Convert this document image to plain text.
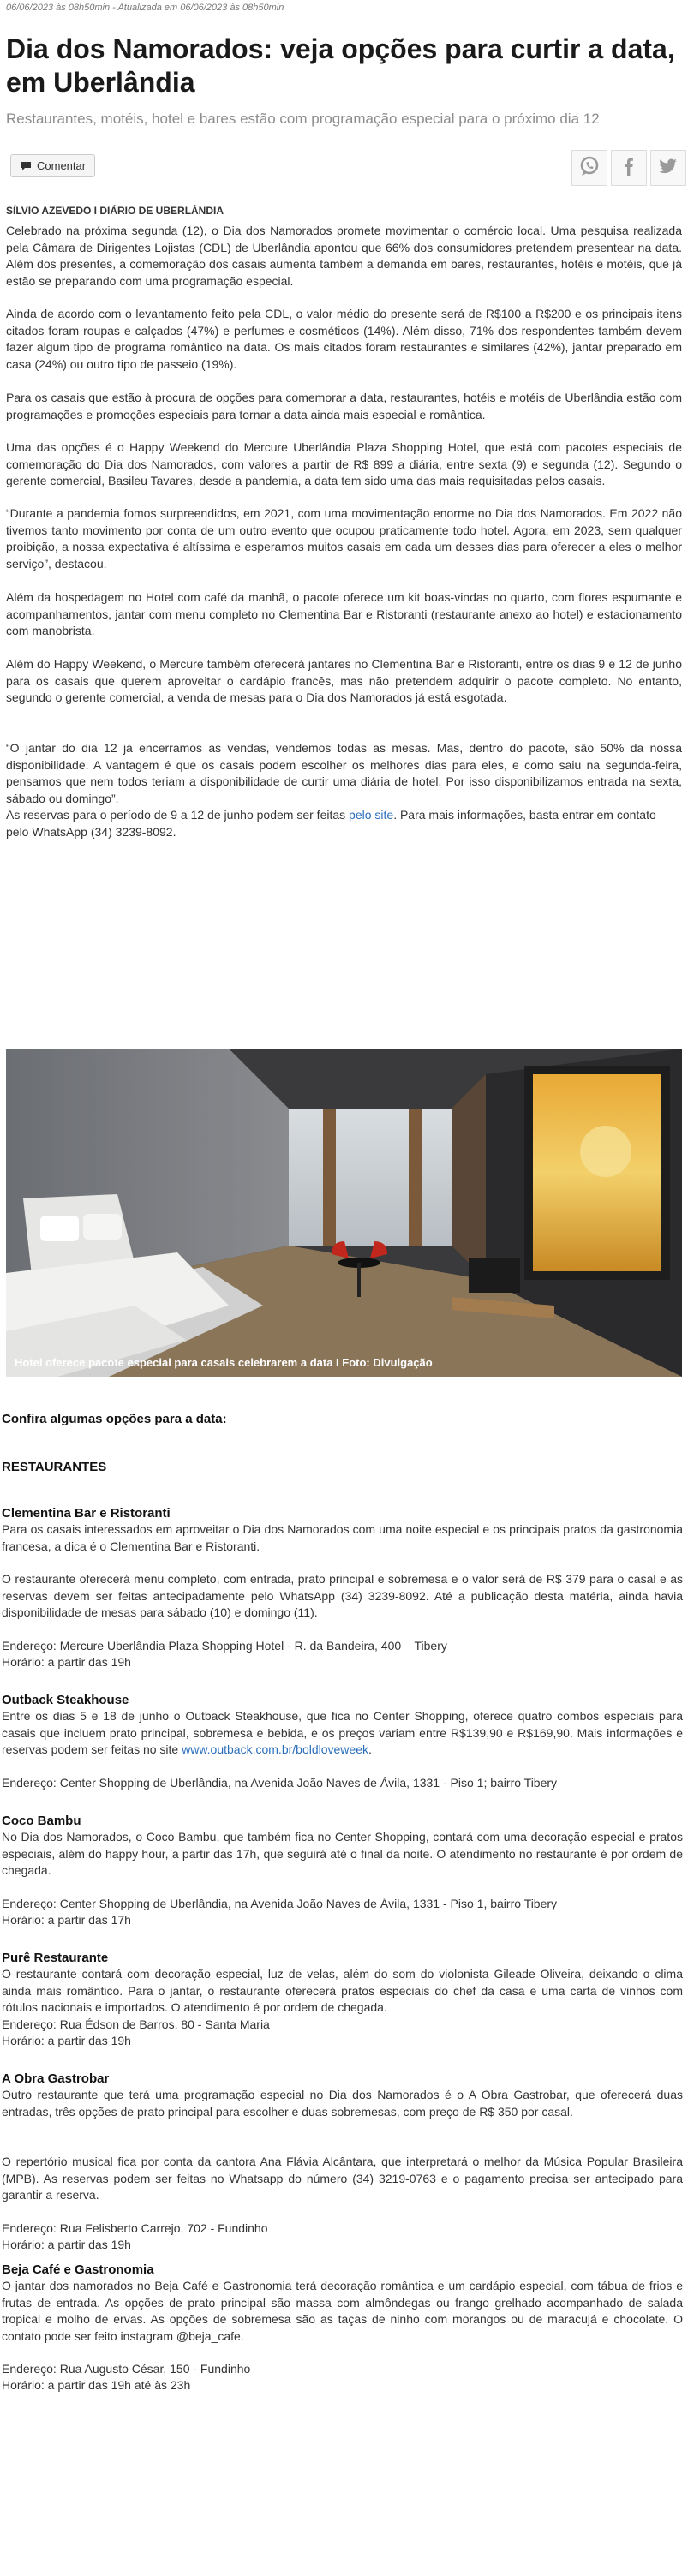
06/06/2023 às 08h50min - Atualizada em 06/06/2023 às 08h50min
Dia dos Namorados: veja opções para curtir a data, em Uberlândia

Restaurantes, motéis, hotel e bares estão com programação especial para o próximo dia 12

Comentar
SÍLVIO AZEVEDO I DIÁRIO DE UBERLÂNDIA

Celebrado na próxima segunda (12), o Dia dos Namorados promete movimentar o comércio local. Uma pesquisa realizada pela Câmara de Dirigentes Lojistas (CDL) de Uberlândia apontou que 66% dos consumidores pretendem presentear na data. Além dos presentes, a comemoração dos casais aumenta também a demanda em bares, restaurantes, hotéis e motéis, que já estão se preparando com uma programação especial.

Ainda de acordo com o levantamento feito pela CDL, o valor médio do presente será de R$100 a R$200 e os principais itens citados foram roupas e calçados (47%) e perfumes e cosméticos (14%). Além disso, 71% dos respondentes também devem fazer algum tipo de programa romântico na data. Os mais citados foram restaurantes e similares (42%), jantar preparado em casa (24%) ou outro tipo de passeio (19%).

Para os casais que estão à procura de opções para comemorar a data, restaurantes, hotéis e motéis de Uberlândia estão com programações e promoções especiais para tornar a data ainda mais especial e romântica.

Uma das opções é o Happy Weekend do Mercure Uberlândia Plaza Shopping Hotel, que está com pacotes especiais de comemoração do Dia dos Namorados, com valores a partir de R$ 899 a diária, entre sexta (9) e segunda (12). Segundo o gerente comercial, Basileu Tavares, desde a pandemia, a data tem sido uma das mais requisitadas pelos casais.

“Durante a pandemia fomos surpreendidos, em 2021, com uma movimentação enorme no Dia dos Namorados. Em 2022 não tivemos tanto movimento por conta de um outro evento que ocupou praticamente todo hotel. Agora, em 2023, sem qualquer proibição, a nossa expectativa é altíssima e esperamos muitos casais em cada um desses dias para oferecer a eles o melhor serviço”, destacou.

Além da hospedagem no Hotel com café da manhã, o pacote oferece um kit boas-vindas no quarto, com flores espumante e acompanhamentos, jantar com menu completo no Clementina Bar e Ristoranti (restaurante anexo ao hotel) e estacionamento com manobrista.

Além do Happy Weekend, o Mercure também oferecerá jantares no Clementina Bar e Ristoranti, entre os dias 9 e 12 de junho para os casais que querem aproveitar o cardápio francês, mas não pretendem adquirir o pacote completo. No entanto, segundo o gerente comercial, a venda de mesas para o Dia dos Namorados já está esgotada.

“O jantar do dia 12 já encerramos as vendas, vendemos todas as mesas. Mas, dentro do pacote, são 50% da nossa disponibilidade. A vantagem é que os casais podem escolher os melhores dias para eles, e como saiu na segunda-feira, pensamos que nem todos teriam a disponibilidade de curtir uma diária de hotel. Por isso disponibilizamos entrada na sexta, sábado ou domingo”.

As reservas para o período de 9 a 12 de junho podem ser feitas pelo site. Para mais informações, basta entrar em contato pelo WhatsApp (34) 3239-8092.

Hotel oferece pacote especial para casais celebrarem a data I Foto: Divulgação
Confira algumas opções para a data:
RESTAURANTES
Clementina Bar e Ristoranti

Para os casais interessados em aproveitar o Dia dos Namorados com uma noite especial e os principais pratos da gastronomia francesa, a dica é o Clementina Bar e Ristoranti.

O restaurante oferecerá menu completo, com entrada, prato principal e sobremesa e o valor será de R$ 379 para o casal e as reservas devem ser feitas antecipadamente pelo WhatsApp (34) 3239-8092. Até a publicação desta matéria, ainda havia disponibilidade de mesas para sábado (10) e domingo (11).

Endereço: Mercure Uberlândia Plaza Shopping Hotel - R. da Bandeira, 400 – Tibery

Horário: a partir das 19h

Outback Steakhouse

Entre os dias 5 e 18 de junho o Outback Steakhouse, que fica no Center Shopping, oferece quatro combos especiais para casais que incluem prato principal, sobremesa e bebida, e os preços variam entre R$139,90 e R$169,90. Mais informações e reservas podem ser feitas no site www.outback.com.br/boldloveweek.

Endereço: Center Shopping de Uberlândia, na Avenida João Naves de Ávila, 1331 - Piso 1; bairro Tibery

Coco Bambu

No Dia dos Namorados, o Coco Bambu, que também fica no Center Shopping, contará com uma decoração especial e pratos especiais, além do happy hour, a partir das 17h, que seguirá até o final da noite. O atendimento no restaurante é por ordem de chegada.

Endereço: Center Shopping de Uberlândia, na Avenida João Naves de Ávila, 1331 - Piso 1, bairro Tibery

Horário: a partir das 17h

Purê Restaurante

O restaurante contará com decoração especial, luz de velas, além do som do violonista Gileade Oliveira, deixando o clima ainda mais romântico. Para o jantar, o restaurante oferecerá pratos especiais do chef da casa e uma carta de vinhos com rótulos nacionais e importados. O atendimento é por ordem de chegada.

Endereço: Rua Édson de Barros, 80 - Santa Maria

Horário: a partir das 19h

A Obra Gastrobar

Outro restaurante que terá uma programação especial no Dia dos Namorados é o A Obra Gastrobar, que oferecerá duas entradas, três opções de prato principal para escolher e duas sobremesas, com preço de R$ 350 por casal.

O repertório musical fica por conta da cantora Ana Flávia Alcântara, que interpretará o melhor da Música Popular Brasileira (MPB). As reservas podem ser feitas no Whatsapp do número (34) 3219-0763 e o pagamento precisa ser antecipado para garantir a reserva.

Endereço: Rua Felisberto Carrejo, 702 - Fundinho

Horário: a partir das 19h

Beja Café e Gastronomia

O jantar dos namorados no Beja Café e Gastronomia terá decoração romântica e um cardápio especial, com tábua de frios e frutas de entrada. As opções de prato principal são massa com almôndegas ou frango grelhado acompanhado de salada tropical e molho de ervas. As opções de sobremesa são as taças de ninho com morangos ou de maracujá e chocolate. O contato pode ser feito instagram @beja_cafe.

Endereço: Rua Augusto César, 150 - Fundinho

Horário: a partir das 19h até às 23h
